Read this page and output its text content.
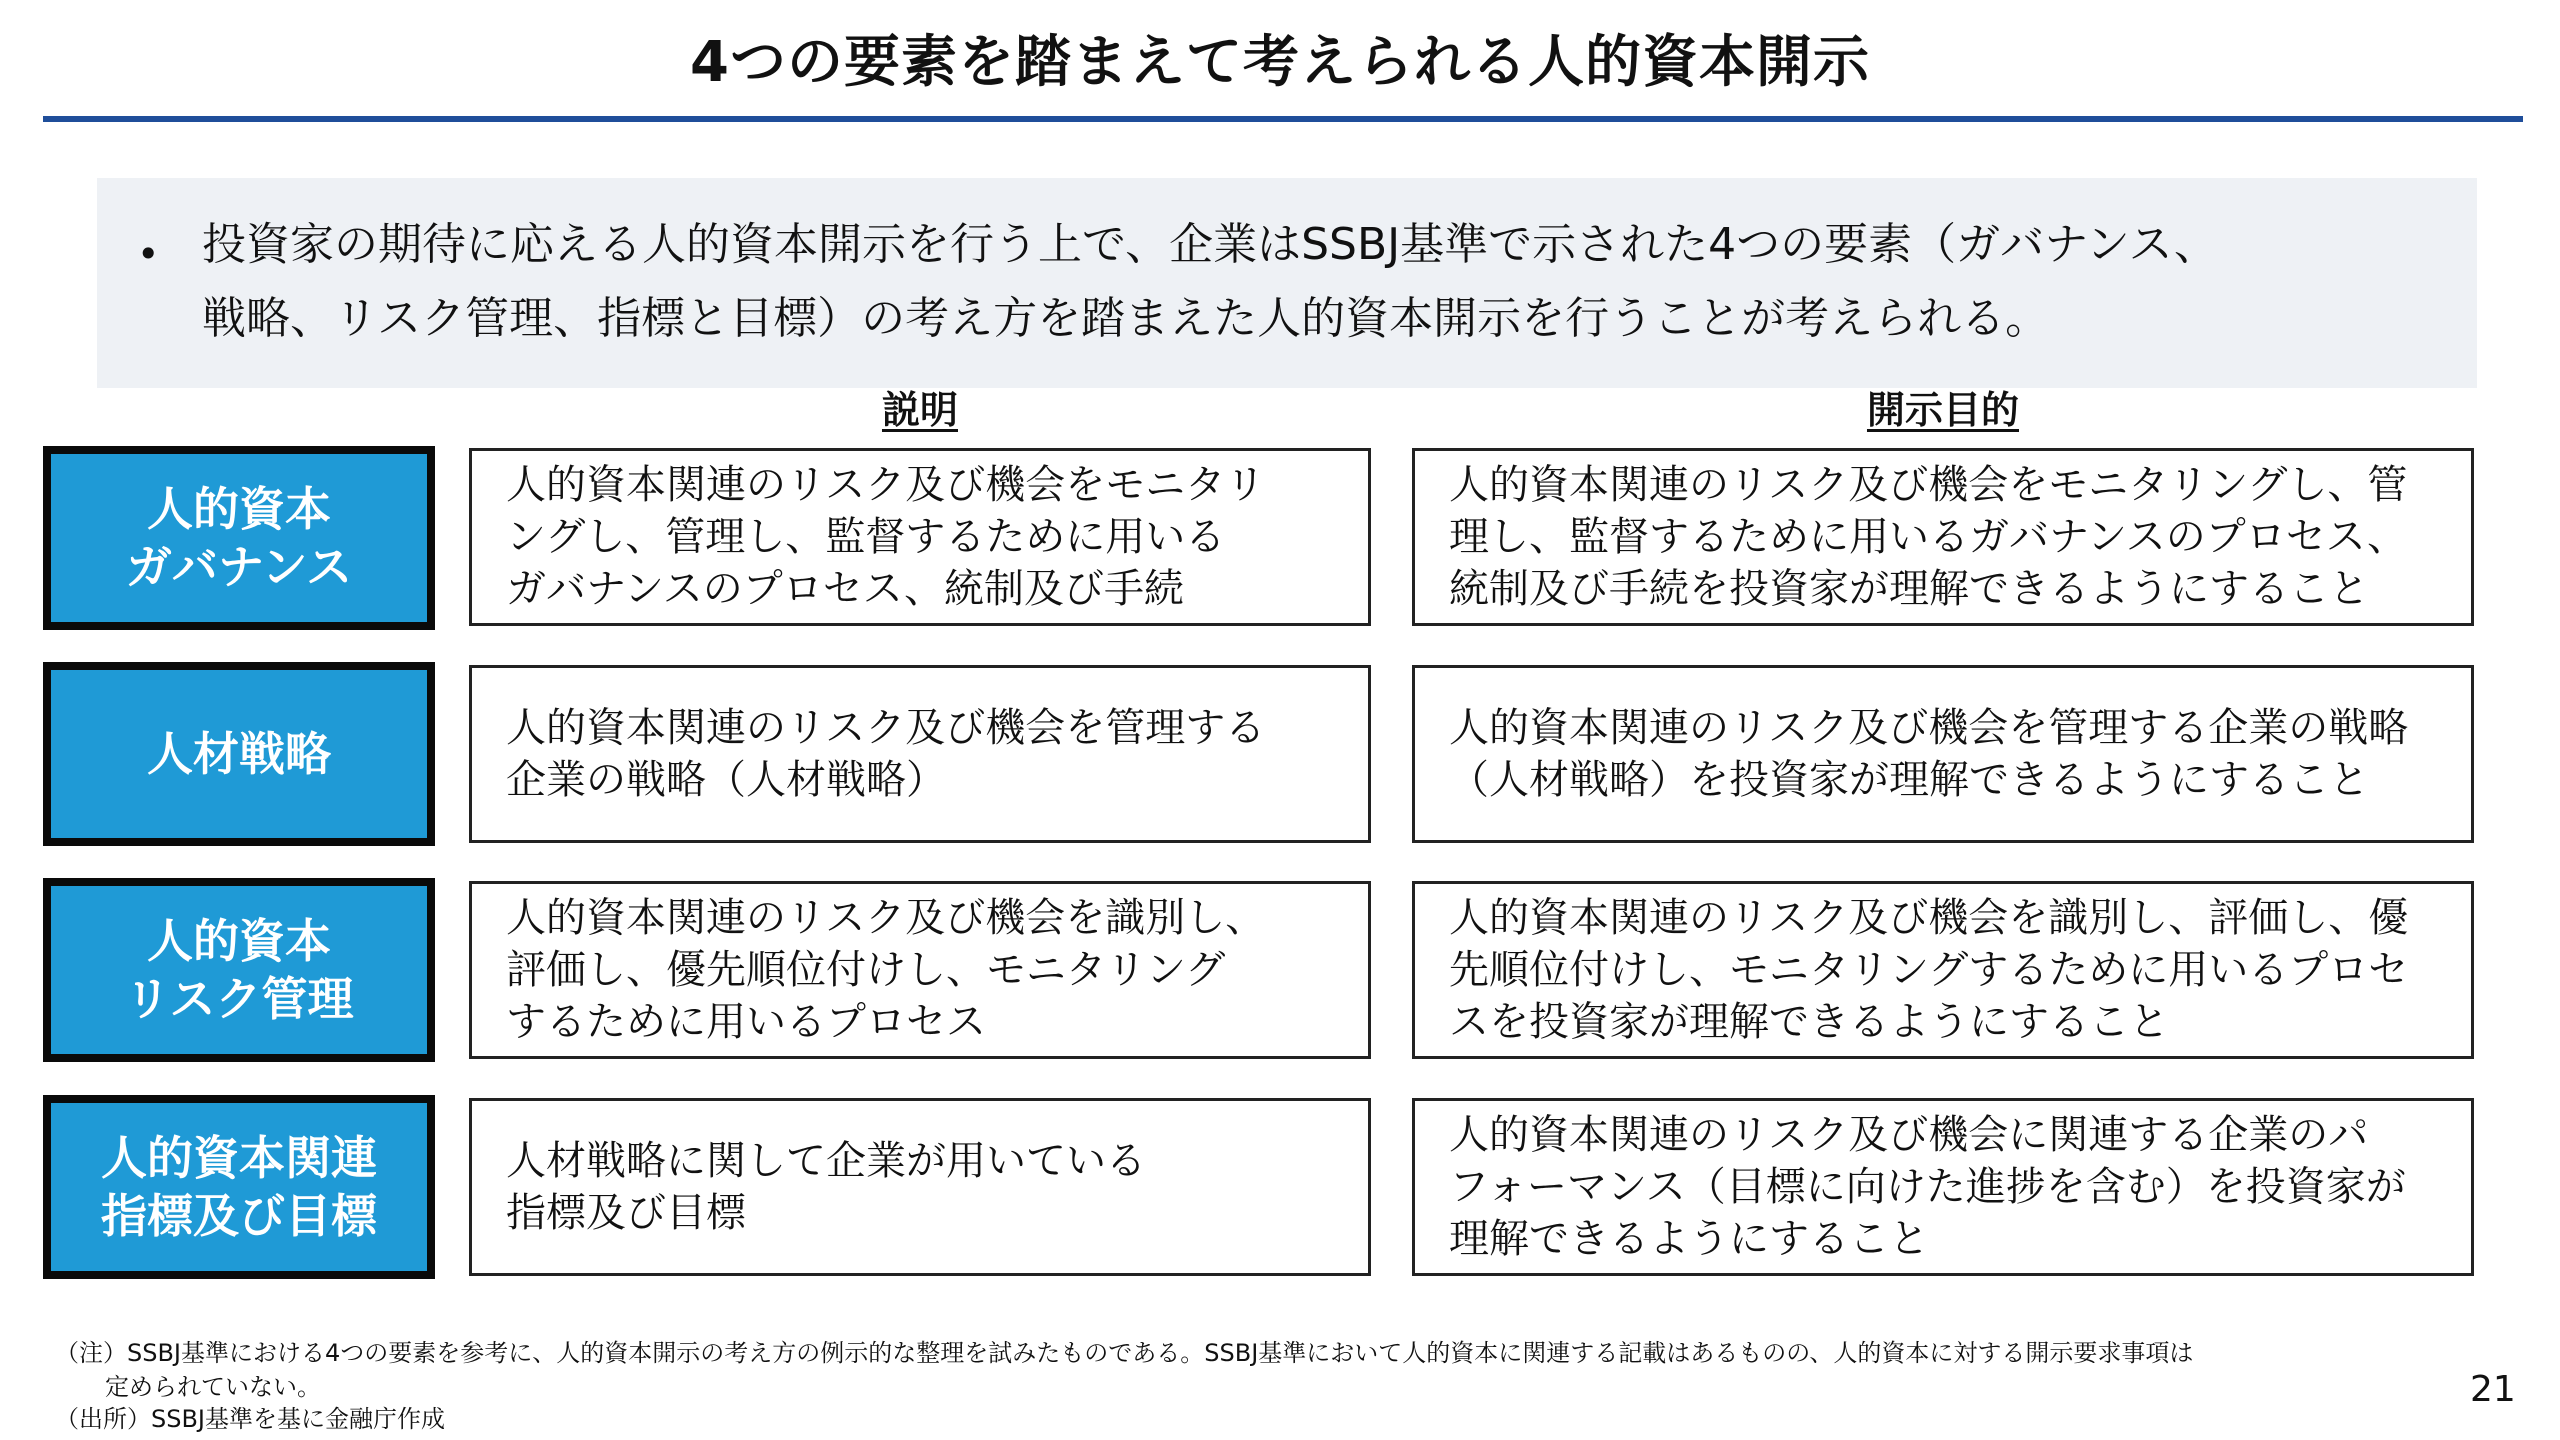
4つの要素を踏まえて考えられる人的資本開示
• 投資家の期待に応える人的資本開示を行う上で、企業はSSBJ基準で示された4つの要素（ガバナンス、
戦略、リスク管理、指標と目標）の考え方を踏まえた人的資本開示を行うことが考えられる。
説明	開示目的
人的資本
ガバナンス
人的資本関連のリスク及び機会をモニタリ
ングし、管理し、監督するために用いる
ガバナンスのプロセス、統制及び手続
人的資本関連のリスク及び機会をモニタリングし、管
理し、監督するために用いるガバナンスのプロセス、
統制及び手続を投資家が理解できるようにすること
人材戦略	人的資本関連のリスク及び機会を管理する
企業の戦略（人材戦略）
人的資本関連のリスク及び機会を管理する企業の戦略
（人材戦略）を投資家が理解できるようにすること
人的資本
リスク管理
人的資本関連のリスク及び機会を識別し、
評価し、優先順位付けし、モニタリング
するために用いるプロセス
人的資本関連のリスク及び機会を識別し、評価し、優
先順位付けし、モニタリングするために用いるプロセ
スを投資家が理解できるようにすること
人的資本関連
指標及び目標
人材戦略に関して企業が用いている
指標及び目標
人的資本関連のリスク及び機会に関連する企業のパ
フォーマンス（目標に向けた進捗を含む）を投資家が
理解できるようにすること
（注）SSBJ基準における4つの要素を参考に、人的資本開示の考え方の例示的な整理を試みたものである。SSBJ基準において人的資本に関連する記載はあるものの、人的資本に対する開示要求事項は
定められていない。
（出所）SSBJ基準を基に金融庁作成
21
